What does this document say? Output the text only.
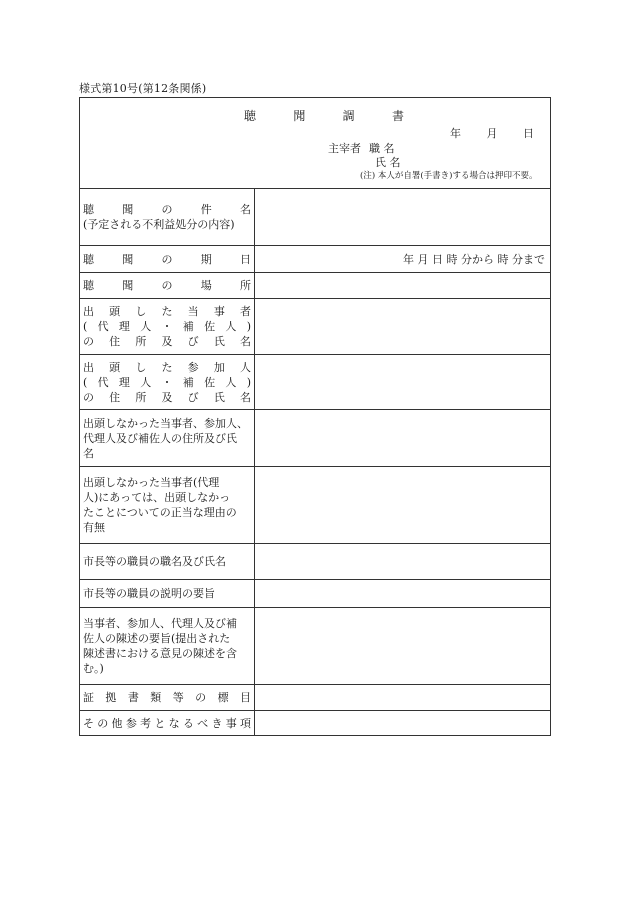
様式第10号(第12条関係)
聴聞調書
年月日
主宰者 職 名
氏 名
(注) 本人が自署(手書き)する場合は押印不要。
聴聞の件名
(予定される不利益処分の内容)
聴聞の期日	年 月 日 時 分から 時 分まで
聴聞の場所
出頭した当事者
(代理人・補佐人)
の住所及び氏名
出頭した参加人
(代理人・補佐人)
の住所及び氏名
出頭しなかった当事者、参加人、
代理人及び補佐人の住所及び氏
名
出頭しなかった当事者(代理
人)にあっては、出頭しなかっ
たことについての正当な理由の
有無
市長等の職員の職名及び氏名
市長等の職員の説明の要旨
当事者、参加人、代理人及び補
佐人の陳述の要旨(提出された
陳述書における意見の陳述を含
む。)
証拠書類等の標目
その他参考となるべき事項
